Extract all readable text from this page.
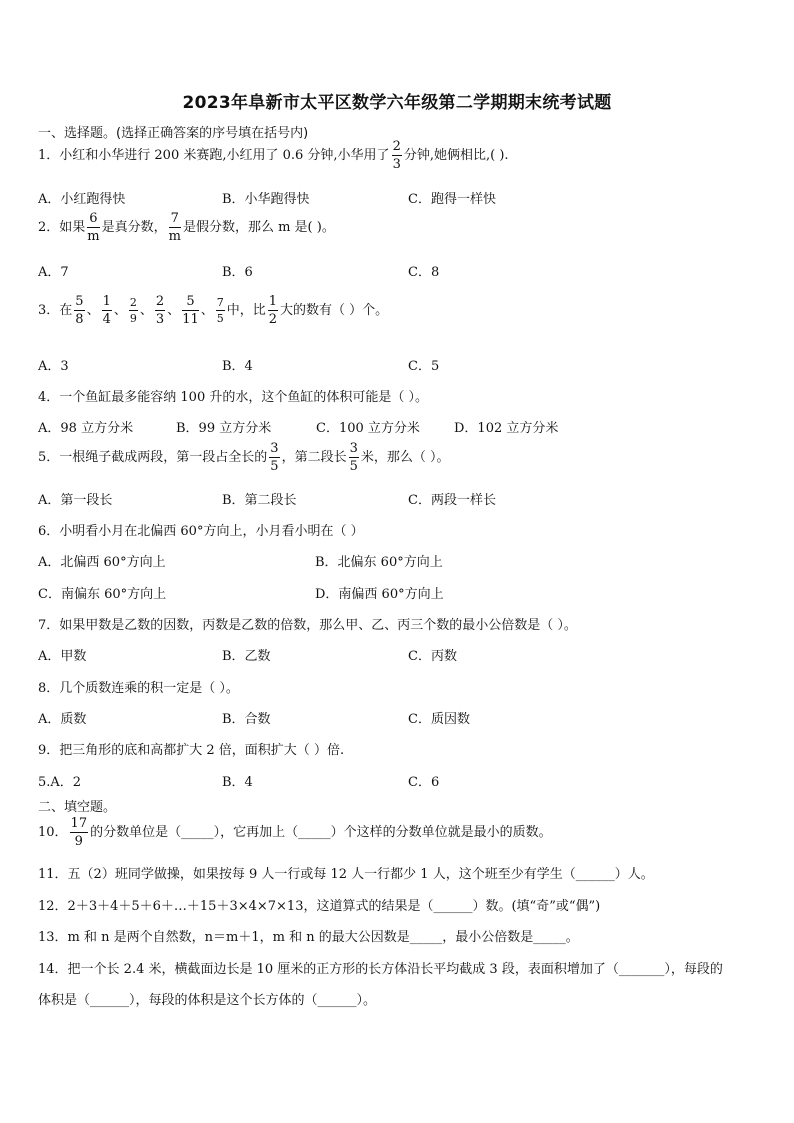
2023年阜新市太平区数学六年级第二学期期末统考试题
一、选择题。(选择正确答案的序号填在括号内)
1．小红和小华进行 200 米赛跑,小红用了 0.6 分钟,小华用了 $\frac{2}{3}$ 分钟,她俩相比,( ).
A．小红跑得快	B．小华跑得快	C．跑得一样快
2．如果 $\frac{6}{m}$ 是真分数， $\frac{7}{m}$ 是假分数，那么 m 是( )。
A．7	B．6	C．8
3．在 $\frac{5}{8}$ 、 $\frac{1}{4}$ 、 $\frac{2}{9}$ 、 $\frac{2}{3}$ 、 $\frac{5}{11}$ 、 $\frac{7}{5}$ 中，比 $\frac{1}{2}$ 大的数有（ ）个。
A．3	B．4	C．5
4．一个鱼缸最多能容纳 100 升的水，这个鱼缸的体积可能是（ ）。
A．98 立方分米	B．99 立方分米	C．100 立方分米	D．102 立方分米
5．一根绳子截成两段，第一段占全长的 $\frac{3}{5}$ ，第二段长 $\frac{3}{5}$ 米，那么（ ）。
A．第一段长	B．第二段长	C．两段一样长
6．小明看小月在北偏西 60°方向上，小月看小明在（ ）
A．北偏西 60°方向上	B．北偏东 60°方向上
C．南偏东 60°方向上	D．南偏西 60°方向上
7．如果甲数是乙数的因数，丙数是乙数的倍数，那么甲、乙、丙三个数的最小公倍数是（ ）。
A．甲数	B．乙数	C．丙数
8．几个质数连乘的积一定是（ ）。
A．质数	B．合数	C．质因数
9．把三角形的底和高都扩大 2 倍，面积扩大（ ）倍.
5.A．2	B．4	C．6
二、填空题。
10． $\frac{17}{9}$ 的分数单位是（_____），它再加上（_____）个这样的分数单位就是最小的质数。
11．五（2）班同学做操，如果按每 9 人一行或每 12 人一行都少 1 人，这个班至少有学生（______）人。
12．2＋3＋4＋5＋6＋…＋15＋3×4×7×13，这道算式的结果是（______）数。(填“奇”或“偶”)
13．m 和 n 是两个自然数，n＝m＋1，m 和 n 的最大公因数是_____，最小公倍数是_____。
14．把一个长 2.4 米，横截面边长是 10 厘米的正方形的长方体沿长平均截成 3 段，表面积增加了（_______），每段的
体积是（______），每段的体积是这个长方体的（______）。
